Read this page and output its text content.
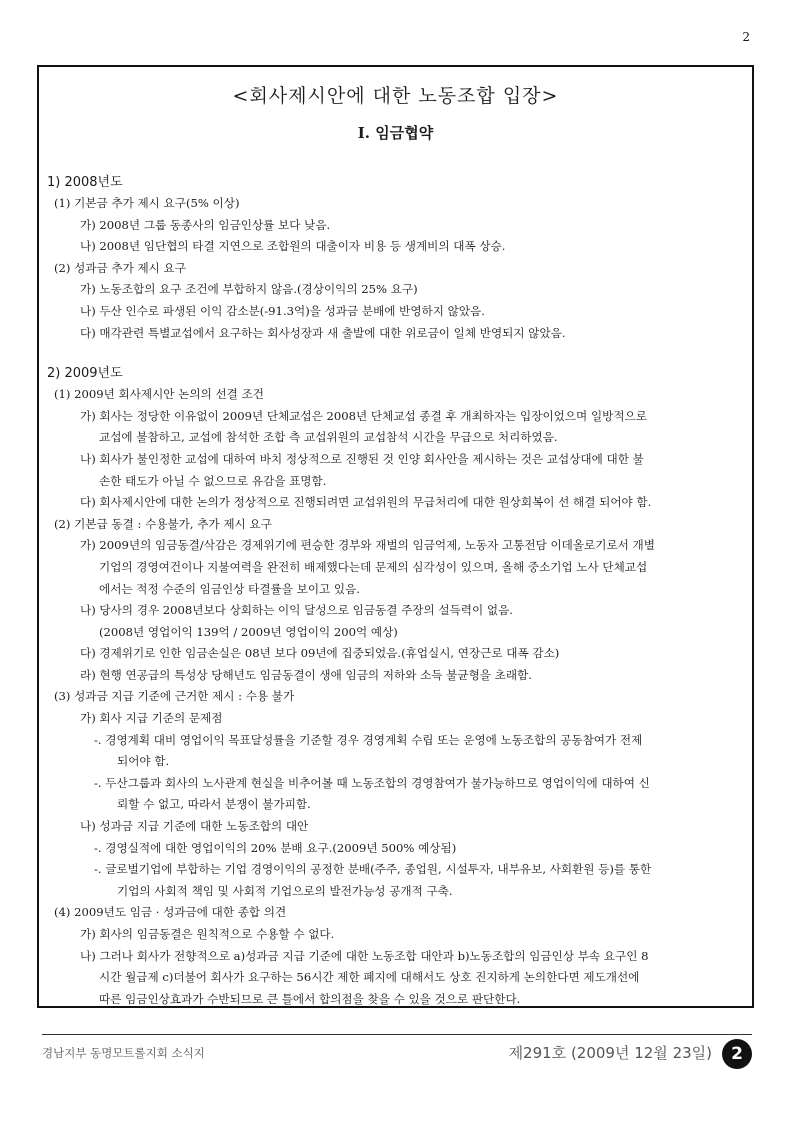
2
<회사제시안에 대한 노동조합 입장>
Ⅰ. 임금협약
1) 2008년도
(1) 기본금 추가 제시 요구(5% 이상)
가) 2008년 그룹 동종사의 임금인상률 보다 낮음.
나) 2008년 임단협의 타결 지연으로 조합원의 대출이자 비용 등 생계비의 대폭 상승.
(2) 성과금 추가 제시 요구
가) 노동조합의 요구 조건에 부합하지 않음.(경상이익의 25% 요구)
나) 두산 인수로 파생된 이익 감소분(-91.3억)을 성과금 분배에 반영하지 않았음.
다) 매각관련 특별교섭에서 요구하는 회사성장과 새 출발에 대한 위로금이 일체 반영되지 않았음.
2) 2009년도
(1) 2009년 회사제시안 논의의 선결 조건
가) 회사는 정당한 이유없이 2009년 단체교섭은 2008년 단체교섭 종결 후 개최하자는 입장이었으며 일방적으로
교섭에 불참하고, 교섭에 참석한 조합 측 교섭위원의 교섭참석 시간을 무급으로 처리하였음.
나) 회사가 불인정한 교섭에 대하여 바치 정상적으로 진행된 것 인양 회사안을 제시하는 것은 교섭상대에 대한 불
손한 태도가 아닐 수 없으므로 유감을 표명함.
다) 회사제시안에 대한 논의가 정상적으로 진행되려면 교섭위원의 무급처리에 대한 원상회복이 선 해결 되어야 함.
(2) 기본급 동결 : 수용불가, 추가 제시 요구
가) 2009년의 임금동결/삭감은 경제위기에 편승한 경부와 재벌의 임금억제, 노동자 고통전담 이데올로기로서 개별
기업의 경영여건이나 지불여력을 완전히 배제했다는데 문제의 심각성이 있으며, 올해 중소기업 노사 단체교섭
에서는 적정 수준의 임금인상 타결률을 보이고 있음.
나) 당사의 경우 2008년보다 상회하는 이익 달성으로 임금동결 주장의 설득력이 없음.
(2008년 영업이익 139억 / 2009년 영업이익 200억 예상)
다) 경제위기로 인한 임금손실은 08년 보다 09년에 집중되었음.(휴업실시, 연장근로 대폭 감소)
라) 현행 연공급의 특성상 당해년도 임금동결이 생애 임금의 저하와 소득 불균형을 초래함.
(3) 성과금 지급 기준에 근거한 제시 : 수용 불가
가) 회사 지급 기준의 문제점
-. 경영계획 대비 영업이익 목표달성률을 기준할 경우 경영계획 수립 또는 운영에 노동조합의 공동참여가 전제
되어야 함.
-. 두산그룹과 회사의 노사관계 현실을 비추어볼 때 노동조합의 경영참여가 불가능하므로 영업이익에 대하여 신
뢰할 수 없고, 따라서 분쟁이 불가피함.
나) 성과금 지급 기준에 대한 노동조합의 대안
-. 경영실적에 대한 영업이익의 20% 분배 요구.(2009년 500% 예상됨)
-. 글로벌기업에 부합하는 기업 경영이익의 공정한 분배(주주, 종업원, 시설투자, 내부유보, 사회환원 등)를 통한
기업의 사회적 책임 및 사회적 기업으로의 발전가능성 공개적 구축.
(4) 2009년도 임금 · 성과금에 대한 종합 의견
가) 회사의 임금동결은 원칙적으로 수용할 수 없다.
나) 그러나 회사가 전향적으로 a)성과금 지급 기준에 대한 노동조합 대안과 b)노동조합의 임금인상 부속 요구인 8
시간 월급제 c)더불어 회사가 요구하는 56시간 제한 폐지에 대해서도 상호 진지하게 논의한다면 제도개선에
따른 임금인상효과가 수반되므로 큰 틀에서 합의점을 찾을 수 있을 것으로 판단한다.
경남지부 동명모트롤지회 소식지	제291호 (2009년 12월 23일)	2
